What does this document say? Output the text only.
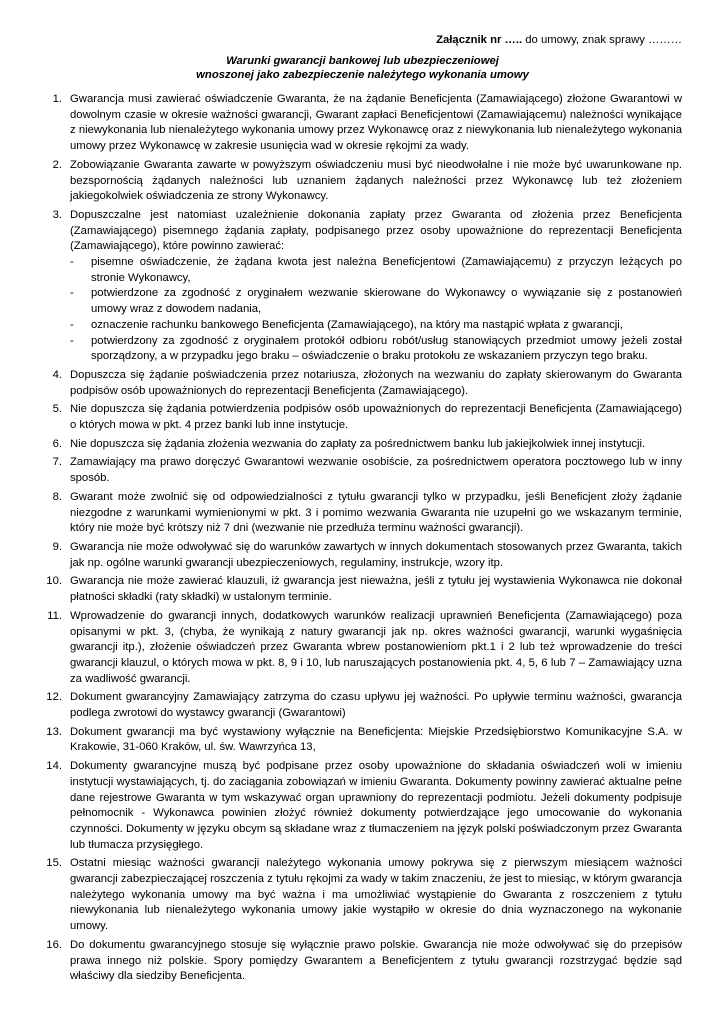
Załącznik nr ….. do umowy, znak sprawy ………
Warunki gwarancji bankowej lub ubezpieczeniowej
wnoszonej jako zabezpieczenie należytego wykonania umowy
1. Gwarancja musi zawierać oświadczenie Gwaranta, że na żądanie Beneficjenta (Zamawiającego) złożone Gwarantowi w dowolnym czasie w okresie ważności gwarancji, Gwarant zapłaci Beneficjentowi (Zamawiającemu) należności wynikające z niewykonania lub nienależytego wykonania umowy przez Wykonawcę oraz z niewykonania lub nienależytego wykonania umowy przez Wykonawcę w zakresie usunięcia wad w okresie rękojmi za wady.

2. Zobowiązanie Gwaranta zawarte w powyższym oświadczeniu musi być nieodwołalne i nie może być uwarunkowane np. bezspornością żądanych należności lub uznaniem żądanych należności przez Wykonawcę lub też złożeniem jakiegokolwiek oświadczenia ze strony Wykonawcy.

3. Dopuszczalne jest natomiast uzależnienie dokonania zapłaty przez Gwaranta od złożenia przez Beneficjenta (Zamawiającego) pisemnego żądania zapłaty, podpisanego przez osoby upoważnione do reprezentacji Beneficjenta (Zamawiającego), które powinno zawierać:

- pisemne oświadczenie, że żądana kwota jest należna Beneficjentowi (Zamawiającemu) z przyczyn leżących po stronie Wykonawcy,
- potwierdzone za zgodność z oryginałem wezwanie skierowane do Wykonawcy o wywiązanie się z postanowień umowy wraz z dowodem nadania,
- oznaczenie rachunku bankowego Beneficjenta (Zamawiającego), na który ma nastąpić wpłata z gwarancji,
- potwierdzony za zgodność z oryginałem protokół odbioru robót/usług stanowiących przedmiot umowy jeżeli został sporządzony, a w przypadku jego braku – oświadczenie o braku protokołu ze wskazaniem przyczyn tego braku.
4. Dopuszcza się żądanie poświadczenia przez notariusza, złożonych na wezwaniu do zapłaty skierowanym do Gwaranta podpisów osób upoważnionych do reprezentacji Beneficjenta (Zamawiającego).

5. Nie dopuszcza się żądania potwierdzenia podpisów osób upoważnionych do reprezentacji Beneficjenta (Zamawiającego) o których mowa w pkt. 4 przez banki lub inne instytucje.

6. Nie dopuszcza się żądania złożenia wezwania do zapłaty za pośrednictwem banku lub jakiejkolwiek innej instytucji.

7. Zamawiający ma prawo doręczyć Gwarantowi wezwanie osobiście, za pośrednictwem operatora pocztowego lub w inny sposób.

8. Gwarant może zwolnić się od odpowiedzialności z tytułu gwarancji tylko w przypadku, jeśli Beneficjent złoży żądanie niezgodne z warunkami wymienionymi w pkt. 3 i pomimo wezwania Gwaranta nie uzupełni go we wskazanym terminie, który nie może być krótszy niż 7 dni (wezwanie nie przedłuża terminu ważności gwarancji).

9. Gwarancja nie może odwoływać się do warunków zawartych w innych dokumentach stosowanych przez Gwaranta, takich jak np. ogólne warunki gwarancji ubezpieczeniowych, regulaminy, instrukcje, wzory itp.

10. Gwarancja nie może zawierać klauzuli, iż gwarancja jest nieważna, jeśli z tytułu jej wystawienia Wykonawca nie dokonał płatności składki (raty składki) w ustalonym terminie.

11. Wprowadzenie do gwarancji innych, dodatkowych warunków realizacji uprawnień Beneficjenta (Zamawiającego) poza opisanymi w pkt. 3, (chyba, że wynikają z natury gwarancji jak np. okres ważności gwarancji, warunki wygaśnięcia gwarancji itp.), złożenie oświadczeń przez Gwaranta wbrew postanowieniom pkt.1 i 2 lub też wprowadzenie do treści gwarancji klauzul, o których mowa w pkt. 8, 9 i 10, lub naruszających postanowienia pkt. 4, 5, 6 lub 7 – Zamawiający uzna za wadliwość gwarancji.

12. Dokument gwarancyjny Zamawiający zatrzyma do czasu upływu jej ważności. Po upływie terminu ważności, gwarancja podlega zwrotowi do wystawcy gwarancji (Gwarantowi)

13. Dokument gwarancji ma być wystawiony wyłącznie na Beneficjenta: Miejskie Przedsiębiorstwo Komunikacyjne S.A. w Krakowie, 31-060 Kraków, ul. św. Wawrzyńca 13,

14. Dokumenty gwarancyjne muszą być podpisane przez osoby upoważnione do składania oświadczeń woli w imieniu instytucji wystawiających, tj. do zaciągania zobowiązań w imieniu Gwaranta. Dokumenty powinny zawierać aktualne pełne dane rejestrowe Gwaranta w tym wskazywać organ uprawniony do reprezentacji podmiotu. Jeżeli dokumenty podpisuje pełnomocnik - Wykonawca powinien złożyć również dokumenty potwierdzające jego umocowanie do wykonania czynności. Dokumenty w języku obcym są składane wraz z tłumaczeniem na język polski poświadczonym przez Gwaranta lub tłumacza przysięgłego.

15. Ostatni miesiąc ważności gwarancji należytego wykonania umowy pokrywa się z pierwszym miesiącem ważności gwarancji zabezpieczającej roszczenia z tytułu rękojmi za wady w takim znaczeniu, że jest to miesiąc, w którym gwarancja należytego wykonania umowy ma być ważna i ma umożliwiać wystąpienie do Gwaranta z roszczeniem z tytułu niewykonania lub nienależytego wykonania umowy jakie wystąpiło w okresie do dnia wyznaczonego na wykonanie umowy.

16. Do dokumentu gwarancyjnego stosuje się wyłącznie prawo polskie. Gwarancja nie może odwoływać się do przepisów prawa innego niż polskie. Spory pomiędzy Gwarantem a Beneficjentem z tytułu gwarancji rozstrzygać będzie sąd właściwy dla siedziby Beneficjenta.
